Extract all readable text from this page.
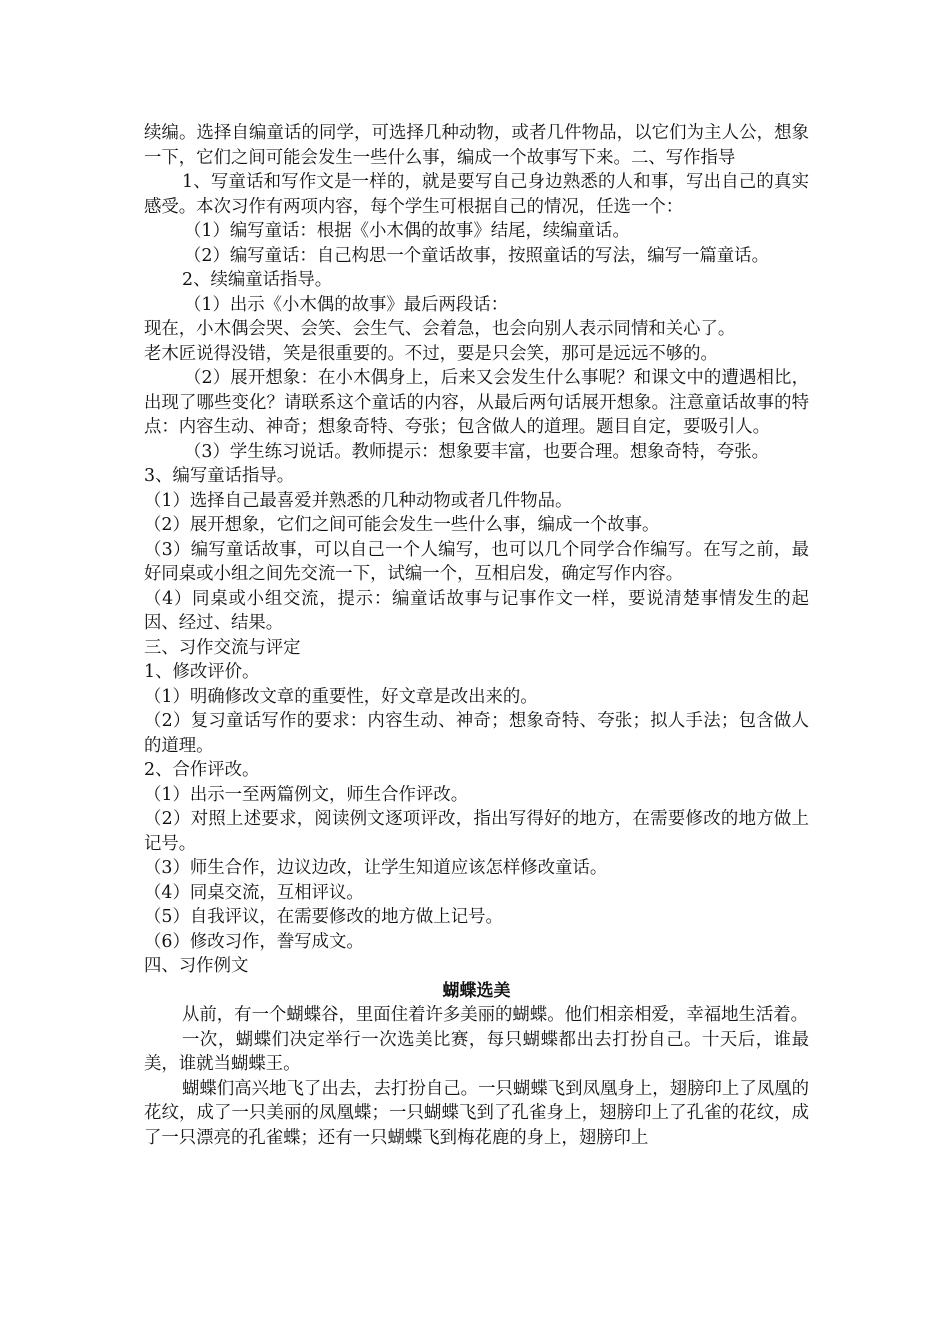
续编。选择自编童话的同学，可选择几种动物，或者几件物品，以它们为主人公，想象一下，它们之间可能会发生一些什么事，编成一个故事写下来。二、写作指导

1、写童话和写作文是一样的，就是要写自己身边熟悉的人和事，写出自己的真实感受。本次习作有两项内容，每个学生可根据自己的情况，任选一个：

（1）编写童话：根据《小木偶的故事》结尾，续编童话。

（2）编写童话：自己构思一个童话故事，按照童话的写法，编写一篇童话。

2、续编童话指导。

（1）出示《小木偶的故事》最后两段话：

现在，小木偶会哭、会笑、会生气、会着急，也会向别人表示同情和关心了。

老木匠说得没错，笑是很重要的。不过，要是只会笑，那可是远远不够的。

（2）展开想象：在小木偶身上，后来又会发生什么事呢？和课文中的遭遇相比，出现了哪些变化？请联系这个童话的内容，从最后两句话展开想象。注意童话故事的特点：内容生动、神奇；想象奇特、夸张；包含做人的道理。题目自定，要吸引人。

（3）学生练习说话。教师提示：想象要丰富，也要合理。想象奇特，夸张。

3、编写童话指导。

（1）选择自己最喜爱并熟悉的几种动物或者几件物品。

（2）展开想象，它们之间可能会发生一些什么事，编成一个故事。

（3）编写童话故事，可以自己一个人编写，也可以几个同学合作编写。在写之前，最好同桌或小组之间先交流一下，试编一个，互相启发，确定写作内容。

（4）同桌或小组交流，提示：编童话故事与记事作文一样，要说清楚事情发生的起因、经过、结果。

三、习作交流与评定

1、修改评价。

（1）明确修改文章的重要性，好文章是改出来的。

（2）复习童话写作的要求：内容生动、神奇；想象奇特、夸张；拟人手法；包含做人的道理。

2、合作评改。

（1）出示一至两篇例文，师生合作评改。

（2）对照上述要求，阅读例文逐项评改，指出写得好的地方，在需要修改的地方做上记号。

（3）师生合作，边议边改，让学生知道应该怎样修改童话。

（4）同桌交流，互相评议。

（5）自我评议，在需要修改的地方做上记号。

（6）修改习作，誊写成文。

四、习作例文

蝴蝶选美

从前，有一个蝴蝶谷，里面住着许多美丽的蝴蝶。他们相亲相爱，幸福地生活着。

一次，蝴蝶们决定举行一次选美比赛，每只蝴蝶都出去打扮自己。十天后，谁最美，谁就当蝴蝶王。

蝴蝶们高兴地飞了出去，去打扮自己。一只蝴蝶飞到凤凰身上，翅膀印上了凤凰的花纹，成了一只美丽的凤凰蝶；一只蝴蝶飞到了孔雀身上，翅膀印上了孔雀的花纹，成了一只漂亮的孔雀蝶；还有一只蝴蝶飞到梅花鹿的身上，翅膀印上
